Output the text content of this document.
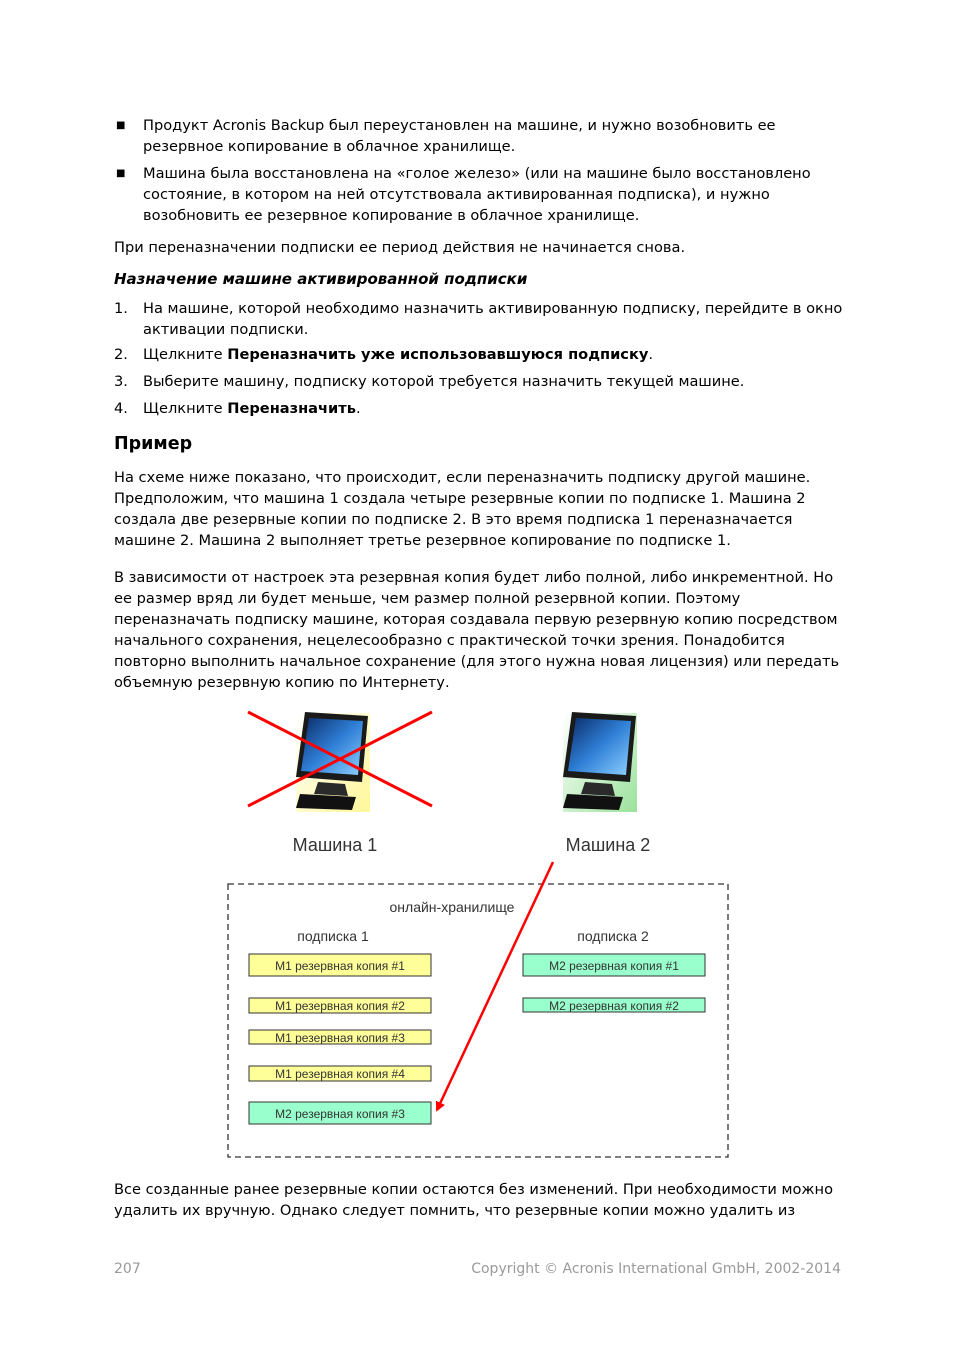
■ Продукт Acronis Backup был переустановлен на машине, и нужно возобновить ее резервное копирование в облачное хранилище.
■ Машина была восстановлена на «голое железо» (или на машине было восстановлено состояние, в котором на ней отсутствовала активированная подписка), и нужно возобновить ее резервное копирование в облачное хранилище.
При переназначении подписки ее период действия не начинается снова.
Назначение машине активированной подписки
1. На машине, которой необходимо назначить активированную подписку, перейдите в окно активации подписки.
2. Щелкните Переназначить уже использовавшуюся подписку.
3. Выберите машину, подписку которой требуется назначить текущей машине.
4. Щелкните Переназначить.
Пример
На схеме ниже показано, что происходит, если переназначить подписку другой машине. Предположим, что машина 1 создала четыре резервные копии по подписке 1. Машина 2 создала две резервные копии по подписке 2. В это время подписка 1 переназначается машине 2. Машина 2 выполняет третье резервное копирование по подписке 1.
В зависимости от настроек эта резервная копия будет либо полной, либо инкрементной. Но ее размер вряд ли будет меньше, чем размер полной резервной копии. Поэтому переназначать подписку машине, которая создавала первую резервную копию посредством начального сохранения, нецелесообразно с практической точки зрения. Понадобится повторно выполнить начальное сохранение (для этого нужна новая лицензия) или передать объемную резервную копию по Интернету.
Машина 1	Машина 2
онлайн-хранилище
подписка 1	подписка 2
M1 резервная копия #1
M1 резервная копия #2
M1 резервная копия #3
M1 резервная копия #4
M2 резервная копия #3
M2 резервная копия #1
M2 резервная копия #2
Все созданные ранее резервные копии остаются без изменений. При необходимости можно удалить их вручную. Однако следует помнить, что резервные копии можно удалить из
207	Copyright © Acronis International GmbH, 2002-2014
